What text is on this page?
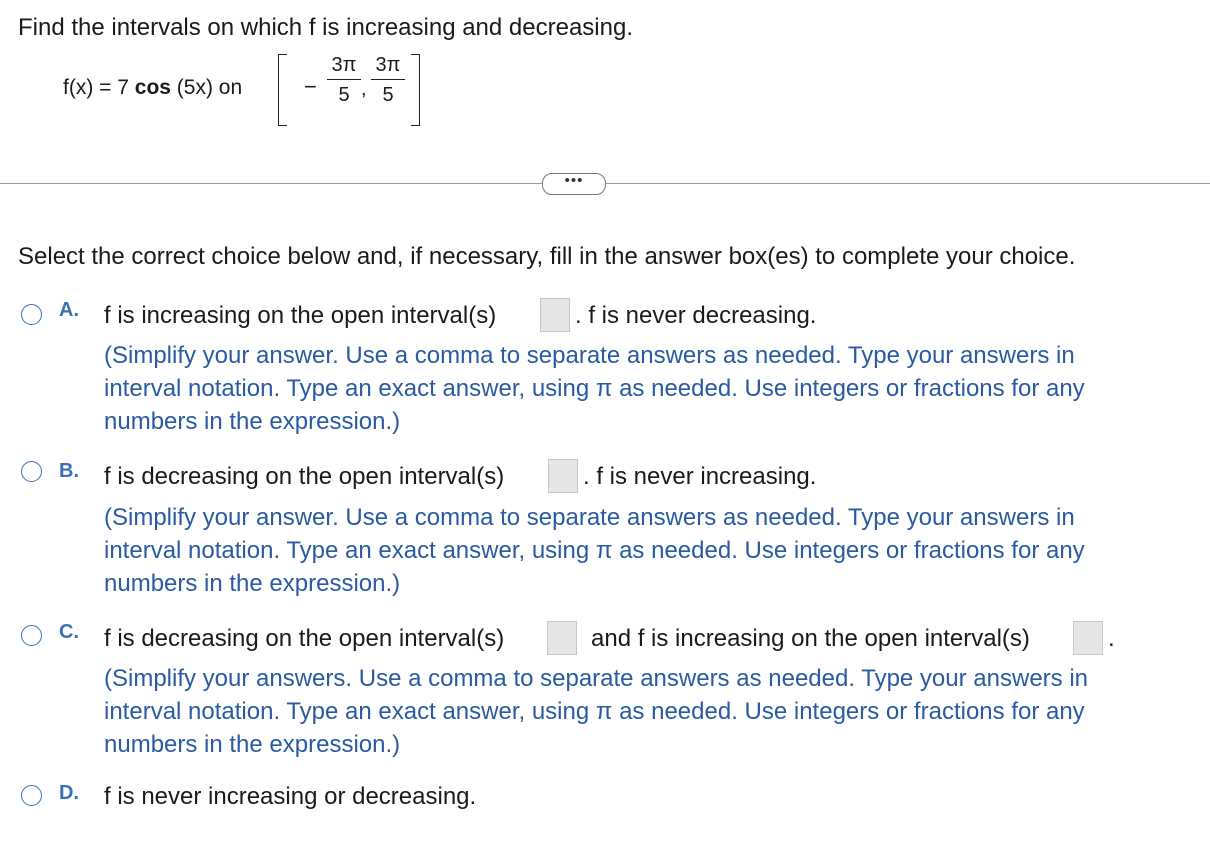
Find the intervals on which f is increasing and decreasing.
f(x) = 7 cos (5x) on	−
3π
5 ,
3π
5
•••
Select the correct choice below and, if necessary, fill in the answer box(es) to complete your choice.
A. f is increasing on the open interval(s)	. f is never decreasing.
(Simplify your answer. Use a comma to separate answers as needed. Type your answers in
interval notation. Type an exact answer, using π as needed. Use integers or fractions for any
numbers in the expression.)
B. f is decreasing on the open interval(s)	. f is never increasing.
(Simplify your answer. Use a comma to separate answers as needed. Type your answers in
interval notation. Type an exact answer, using π as needed. Use integers or fractions for any
numbers in the expression.)
C. f is decreasing on the open interval(s)	and f is increasing on the open interval(s)	.
(Simplify your answers. Use a comma to separate answers as needed. Type your answers in
interval notation. Type an exact answer, using π as needed. Use integers or fractions for any
numbers in the expression.)
D. f is never increasing or decreasing.
